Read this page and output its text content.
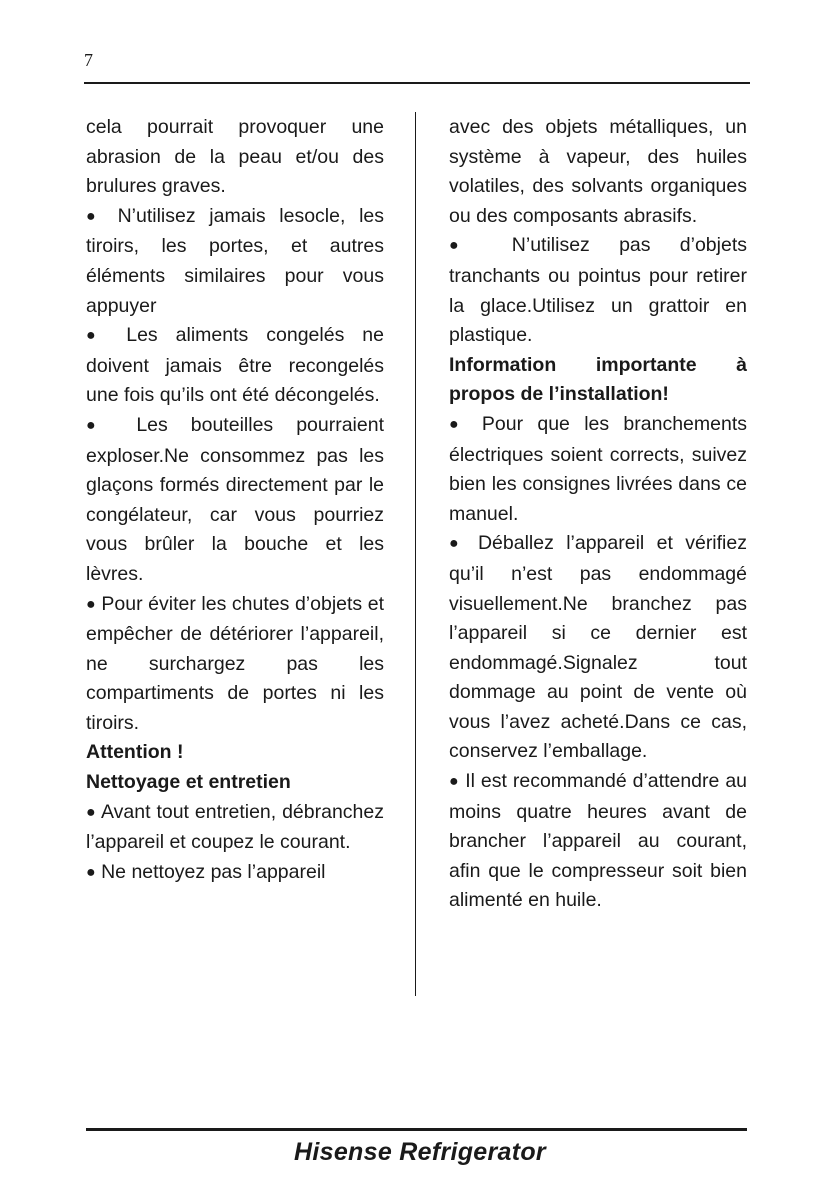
7

cela pourrait provoquer une abrasion de la peau et/ou des brulures graves.

● N’utilisez jamais lesocle, les tiroirs, les portes, et autres éléments similaires pour vous appuyer

● Les aliments congelés ne doivent jamais être recongelés une fois qu’ils ont été décongelés.

● Les bouteilles pourraient exploser.Ne consommez pas les glaçons formés directement par le congélateur, car vous pourriez vous brûler la bouche et les lèvres.

● Pour éviter les chutes d’objets et empêcher de détériorer l’appareil, ne surchargez pas les compartiments de portes ni les tiroirs.

Attention !

Nettoyage et entretien

● Avant tout entretien, débranchez l’appareil et coupez le courant.

● Ne nettoyez pas l’appareil

avec des objets métalliques, un système à vapeur, des huiles volatiles, des solvants organiques ou des composants abrasifs.

● N’utilisez pas d’objets tranchants ou pointus pour retirer la glace.Utilisez un grattoir en plastique.

Information importante à propos de l’installation!

● Pour que les branchements électriques soient corrects, suivez bien les consignes livrées dans ce manuel.

● Déballez l’appareil et vérifiez qu’il n’est pas endommagé visuellement.Ne branchez pas l’appareil si ce dernier est endommagé.Signalez tout dommage au point de vente où vous l’avez acheté.Dans ce cas, conservez l’emballage.

● Il est recommandé d’attendre au moins quatre heures avant de brancher l’appareil au courant, afin que le compresseur soit bien alimenté en huile.

Hisense Refrigerator
